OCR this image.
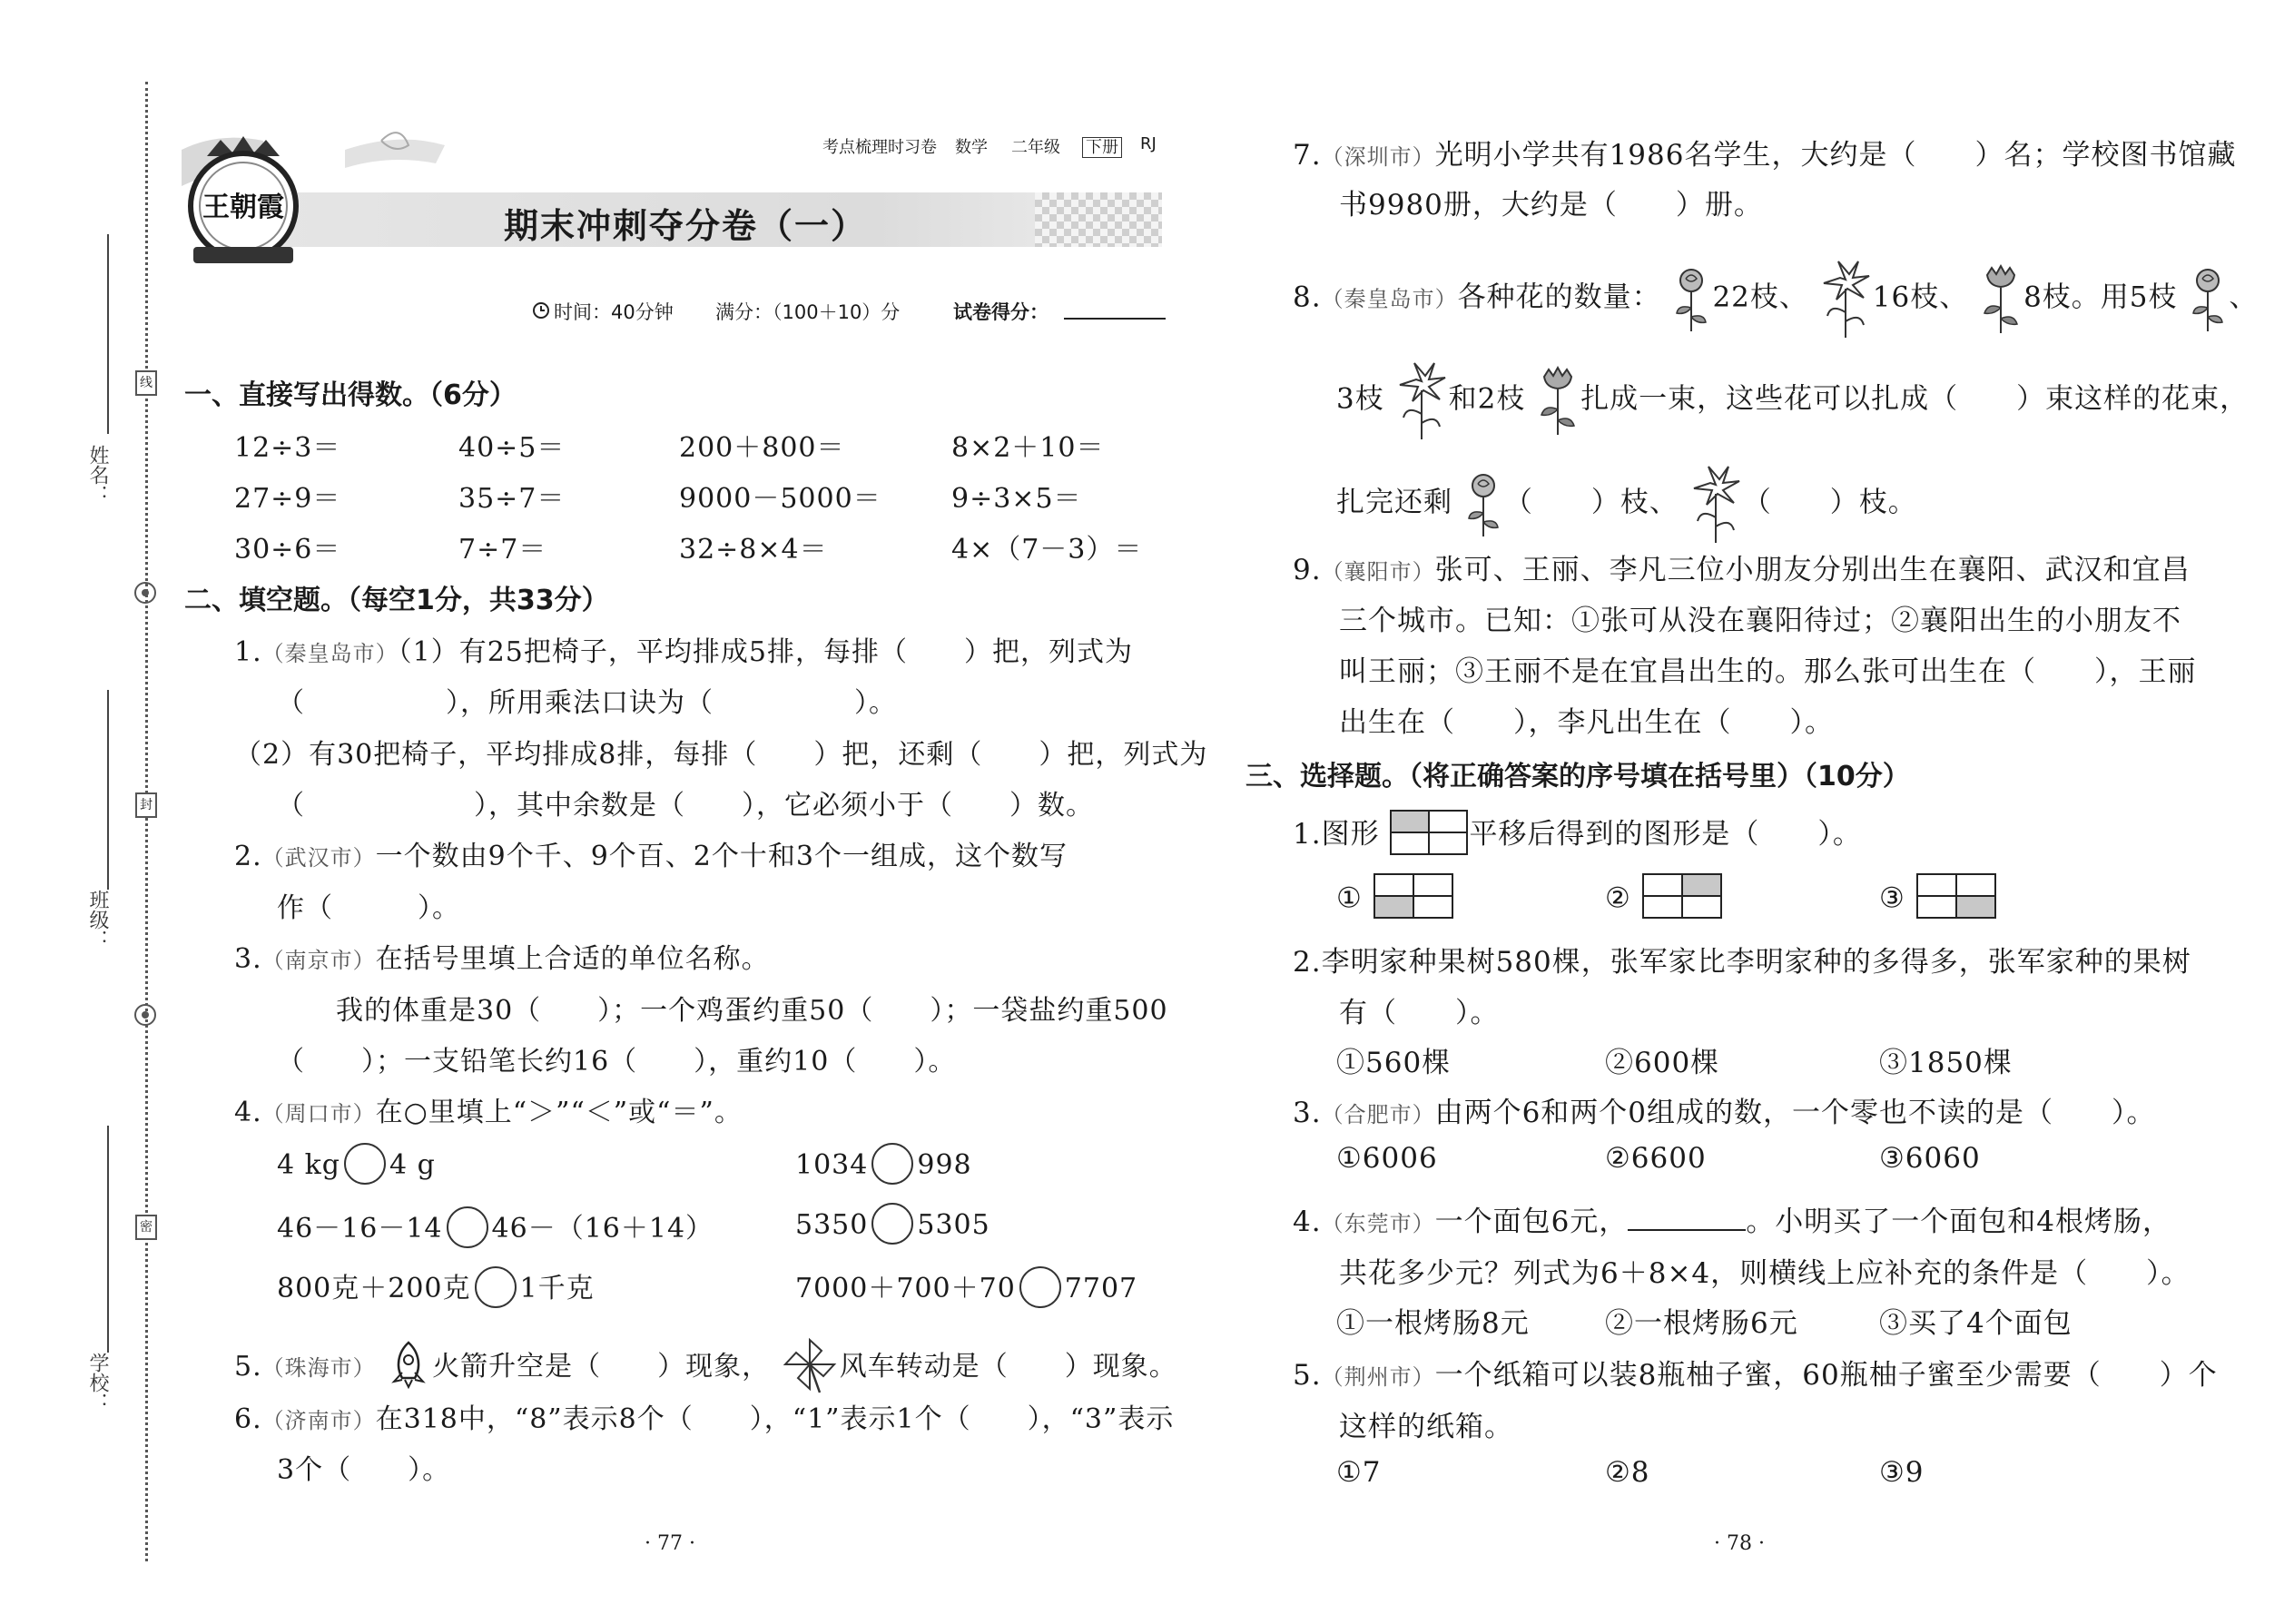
线
封
密
姓名：
班级：
学校：
王朝霞
考点梳理时习卷 数学 二年级 下册 RJ
期末冲刺夺分卷（一）
时间：40分钟 满分：（100＋10）分	试卷得分：
一、直接写出得数。（6分）
12÷3＝	40÷5＝	200＋800＝	8×2＋10＝
27÷9＝	35÷7＝	9000－5000＝	9÷3×5＝
30÷6＝	7÷7＝	32÷8×4＝	4×（7－3）＝
二、填空题。（每空1分，共33分）
1.（秦皇岛市）（1）有25把椅子，平均排成5排，每排（　　）把，列式为
（　　　　　），所用乘法口诀为（　　　　　）。
（2）有30把椅子，平均排成8排，每排（　　）把，还剩（　　）把，列式为
（　　　　　　），其中余数是（　　），它必须小于（　　）数。
2.（武汉市）一个数由9个千、9个百、2个十和3个一组成，这个数写
作（　　　）。
3.（南京市）在括号里填上合适的单位名称。
我的体重是30（　　）；一个鸡蛋约重50（　　）；一袋盐约重500
（　　）；一支铅笔长约16（　　），重约10（　　）。
4.（周口市）在○里填上“＞”“＜”或“＝”。
4 kg 4 g	1034 998
46－16－14 46－（16＋14）	5350 5305
800克＋200克 1千克	7000＋700＋70 7707
5.（珠海市） 火箭升空是（　　）现象，	风车转动是（　　）现象。
6.（济南市）在318中，“8”表示8个（　　），“1”表示1个（　　），“3”表示
3个（　　）。
· 77 ·
7.（深圳市）光明小学共有1986名学生，大约是（　　）名；学校图书馆藏
书9980册，大约是（　　）册。
8.（秦皇岛市）各种花的数量： 22枝、 16枝、 8枝。用5枝 、
3枝 和2枝 扎成一束，这些花可以扎成（　　）束这样的花束，
扎完还剩 （　　）枝、 （　　）枝。
9.（襄阳市）张可、王丽、李凡三位小朋友分别出生在襄阳、武汉和宜昌
三个城市。已知：①张可从没在襄阳待过；②襄阳出生的小朋友不
叫王丽；③王丽不是在宜昌出生的。那么张可出生在（　　），王丽
出生在（　　），李凡出生在（　　）。
三、选择题。（将正确答案的序号填在括号里）（10分）
1.图形	平移后得到的图形是（　　）。
①	②	③
2.李明家种果树580棵，张军家比李明家种的多得多，张军家种的果树
有（　　）。
①560棵	②600棵	③1850棵
3.（合肥市）由两个6和两个0组成的数，一个零也不读的是（　　）。
①6006	②6600	③6060
4.（东莞市）一个面包6元，	。小明买了一个面包和4根烤肠，
共花多少元？列式为6＋8×4，则横线上应补充的条件是（　　）。
①一根烤肠8元	②一根烤肠6元	③买了4个面包
5.（荆州市）一个纸箱可以装8瓶柚子蜜，60瓶柚子蜜至少需要（　　）个
这样的纸箱。
①7	②8	③9
· 78 ·
